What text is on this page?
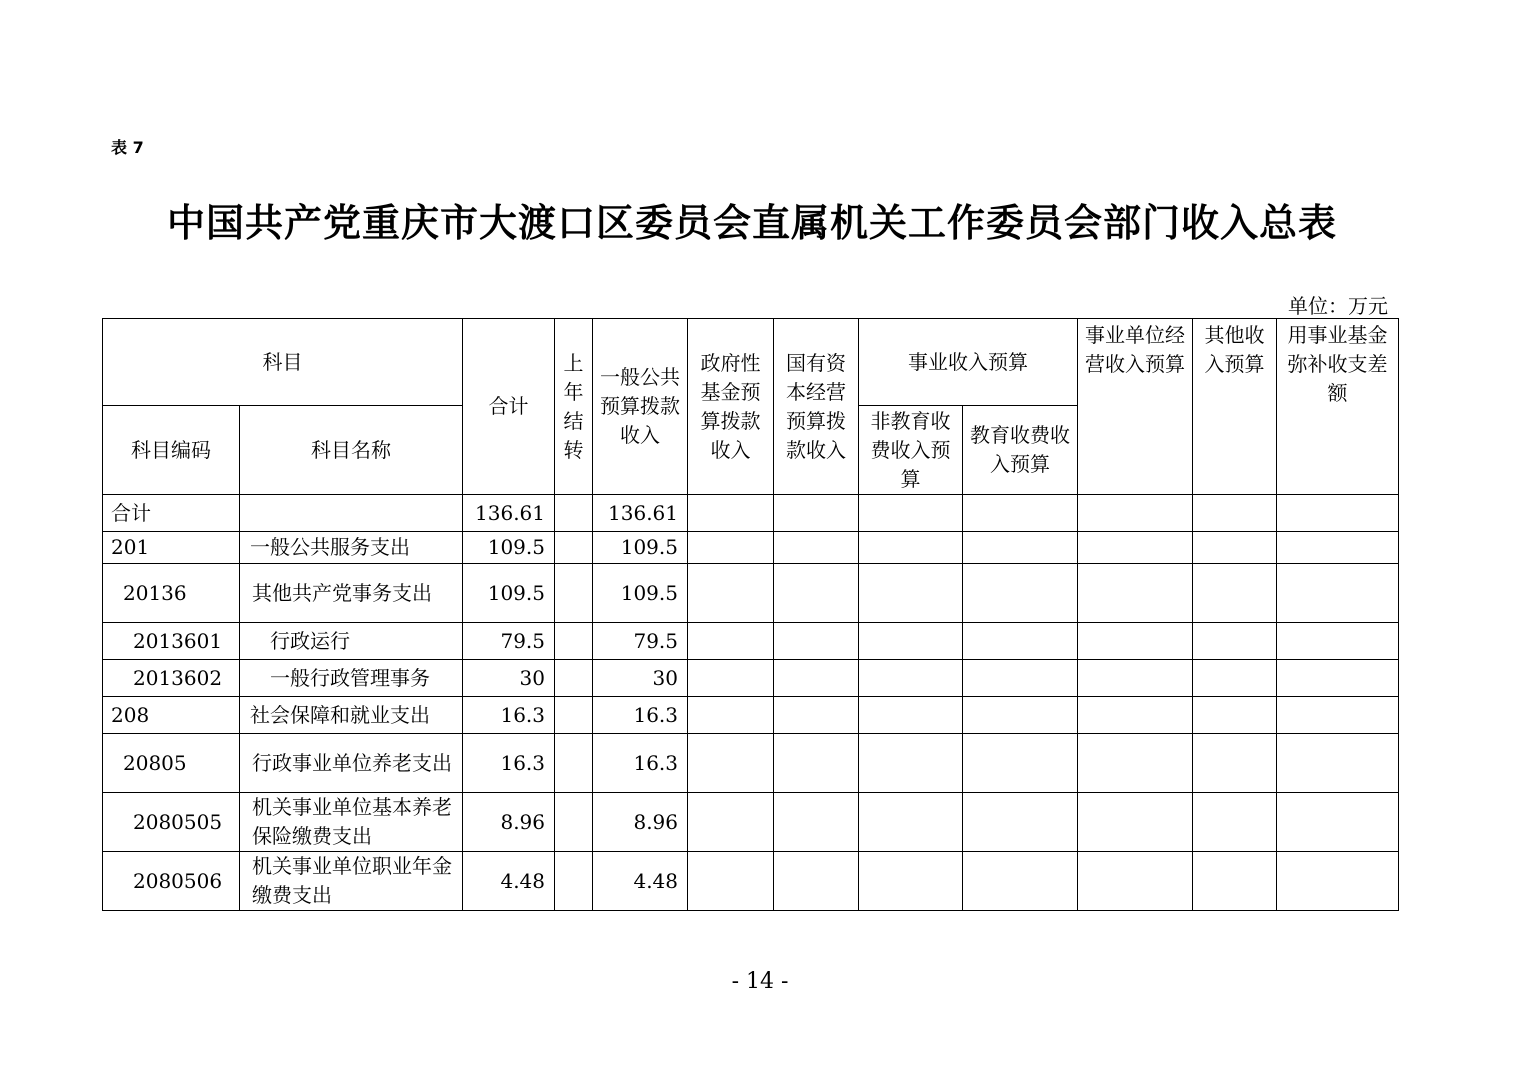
表 7
中国共产党重庆市大渡口区委员会直属机关工作委员会部门收入总表
单位：万元
科目		合计	上年结转	一般公共预算拨款收入	政府性基金预算拨款收入	国有资本经营预算拨款收入	事业收入预算		事业单位经营收入预算	其他收入预算	用事业基金弥补收支差额
科目编码	科目名称						非教育收费收入预算	教育收费收入预算			
合计		136.61		136.61							
201	一般公共服务支出	109.5		109.5							
20136	其他共产党事务支出	109.5		109.5							
2013601	行政运行	79.5		79.5							
2013602	一般行政管理事务	30		30							
208	社会保障和就业支出	16.3		16.3							
20805	行政事业单位养老支出	16.3		16.3							
2080505	机关事业单位基本养老保险缴费支出	8.96		8.96							
2080506	机关事业单位职业年金缴费支出	4.48		4.48							
- 14 -
